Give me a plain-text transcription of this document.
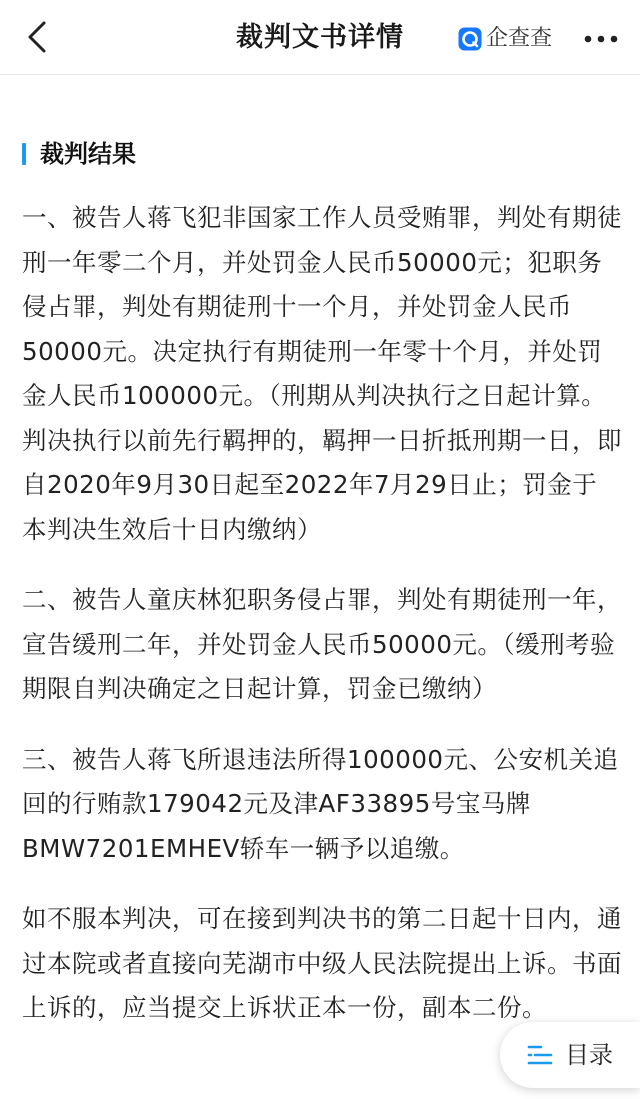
裁判文书详情	企查查
裁判结果

一、被告人蒋飞犯非国家工作人员受贿罪，判处有期徒刑一年零二个月，并处罚金人民币50000元；犯职务侵占罪，判处有期徒刑十一个月，并处罚金人民币50000元。决定执行有期徒刑一年零十个月，并处罚金人民币100000元。（刑期从判决执行之日起计算。判决执行以前先行羁押的，羁押一日折抵刑期一日，即自2020年9月30日起至2022年7月29日止；罚金于本判决生效后十日内缴纳）

二、被告人童庆林犯职务侵占罪，判处有期徒刑一年，宣告缓刑二年，并处罚金人民币50000元。（缓刑考验期限自判决确定之日起计算，罚金已缴纳）

三、被告人蒋飞所退违法所得100000元、公安机关追回的行贿款179042元及津AF33895号宝马牌BMW7201EMHEV轿车一辆予以追缴。

如不服本判决，可在接到判决书的第二日起十日内，通过本院或者直接向芜湖市中级人民法院提出上诉。书面上诉的，应当提交上诉状正本一份，副本二份。

目录
